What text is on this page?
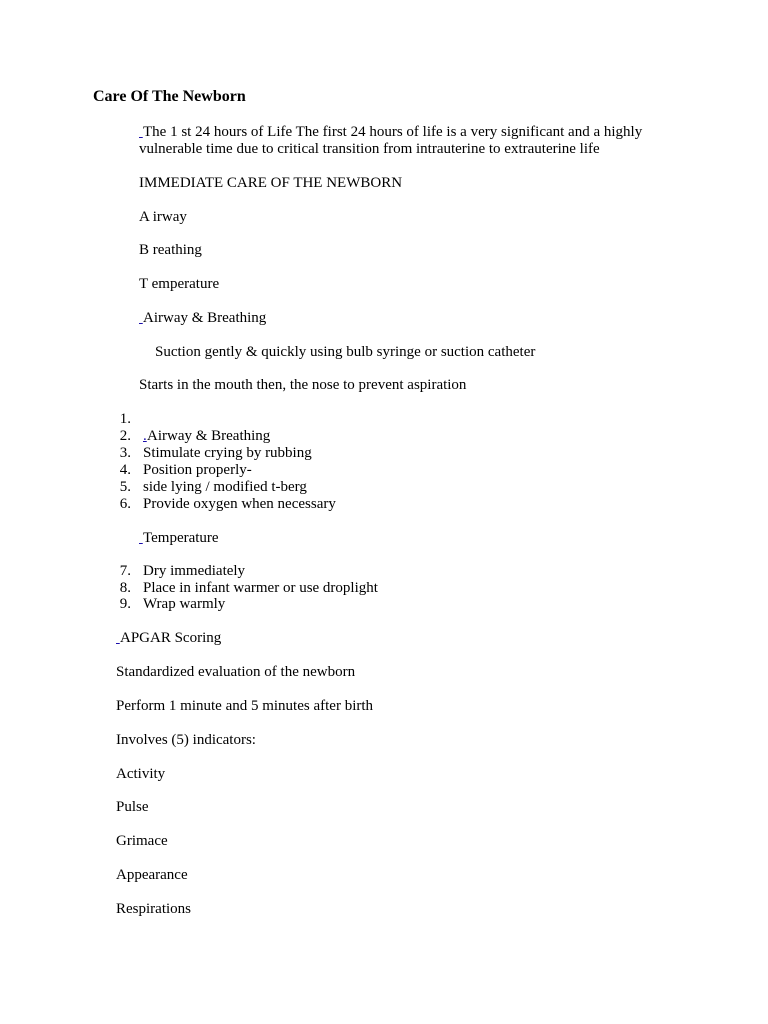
Care Of The Newborn
The 1 st 24 hours of Life The first 24 hours of life is a very significant and a highly
vulnerable time due to critical transition from intrauterine to extrauterine life
IMMEDIATE CARE OF THE NEWBORN
A irway
B reathing
T emperature
Airway & Breathing
Suction gently & quickly using bulb syringe or suction catheter
Starts in the mouth then, the nose to prevent aspiration
1.
2. .Airway & Breathing
3. Stimulate crying by rubbing
4. Position properly-
5. side lying / modified t-berg
6. Provide oxygen when necessary
Temperature
7. Dry immediately
8. Place in infant warmer or use droplight
9. Wrap warmly
APGAR Scoring
Standardized evaluation of the newborn
Perform 1 minute and 5 minutes after birth
Involves (5) indicators:
Activity
Pulse
Grimace
Appearance
Respirations
